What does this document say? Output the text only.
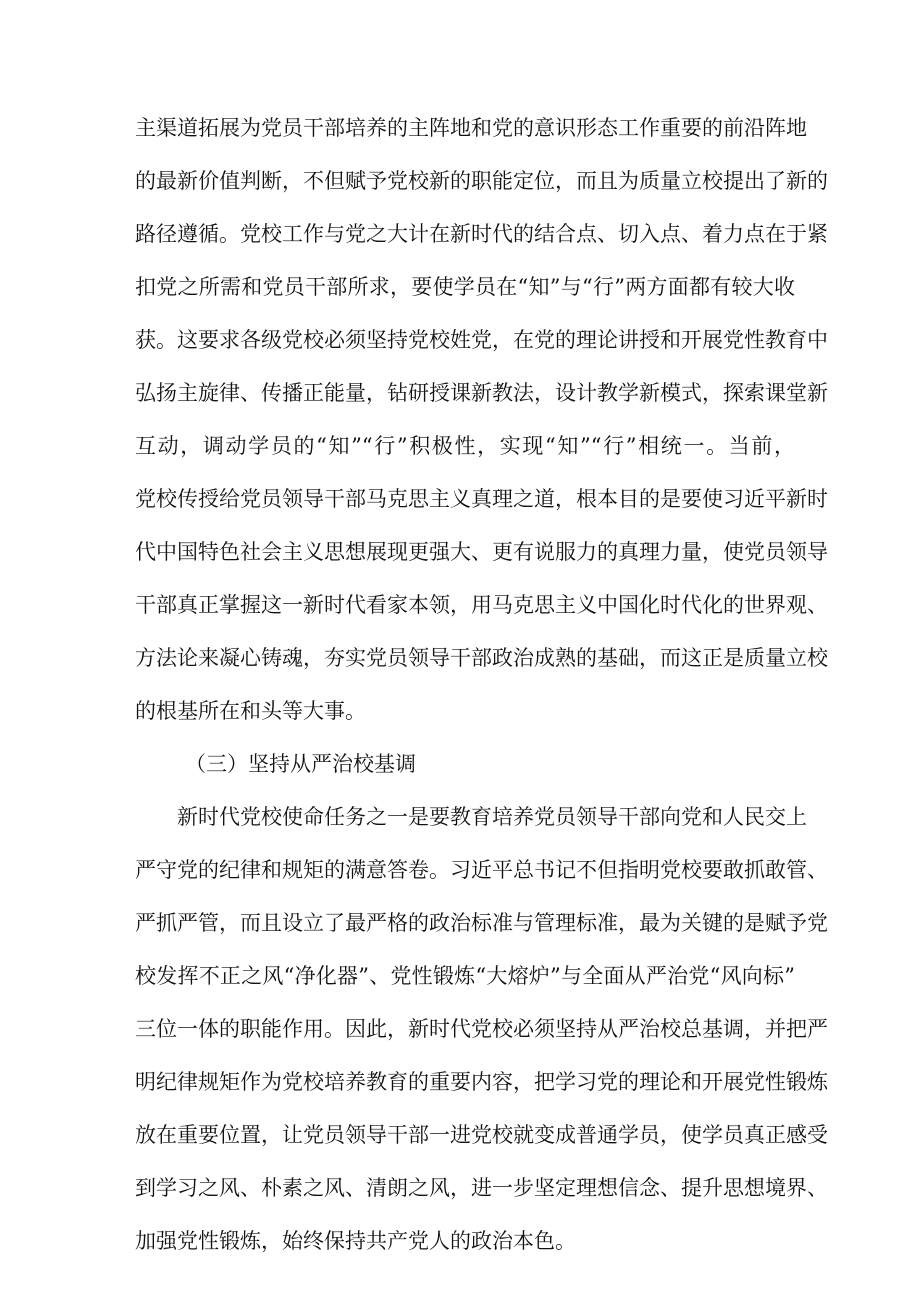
主渠道拓展为党员干部培养的主阵地和党的意识形态工作重要的前沿阵地
的最新价值判断，不但赋予党校新的职能定位，而且为质量立校提出了新的
路径遵循。党校工作与党之大计在新时代的结合点、切入点、着力点在于紧
扣党之所需和党员干部所求，要使学员在“知”与“行”两方面都有较大收
获。这要求各级党校必须坚持党校姓党，在党的理论讲授和开展党性教育中
弘扬主旋律、传播正能量，钻研授课新教法，设计教学新模式，探索课堂新
互动，调动学员的“知”“行”积极性，实现“知”“行”相统一。当前，
党校传授给党员领导干部马克思主义真理之道，根本目的是要使习近平新时
代中国特色社会主义思想展现更强大、更有说服力的真理力量，使党员领导
干部真正掌握这一新时代看家本领，用马克思主义中国化时代化的世界观、
方法论来凝心铸魂，夯实党员领导干部政治成熟的基础，而这正是质量立校
的根基所在和头等大事。
（三）坚持从严治校基调
新时代党校使命任务之一是要教育培养党员领导干部向党和人民交上
严守党的纪律和规矩的满意答卷。习近平总书记不但指明党校要敢抓敢管、
严抓严管，而且设立了最严格的政治标准与管理标准，最为关键的是赋予党
校发挥不正之风“净化器”、党性锻炼“大熔炉”与全面从严治党“风向标”
三位一体的职能作用。因此，新时代党校必须坚持从严治校总基调，并把严
明纪律规矩作为党校培养教育的重要内容，把学习党的理论和开展党性锻炼
放在重要位置，让党员领导干部一进党校就变成普通学员，使学员真正感受
到学习之风、朴素之风、清朗之风，进一步坚定理想信念、提升思想境界、
加强党性锻炼，始终保持共产党人的政治本色。
